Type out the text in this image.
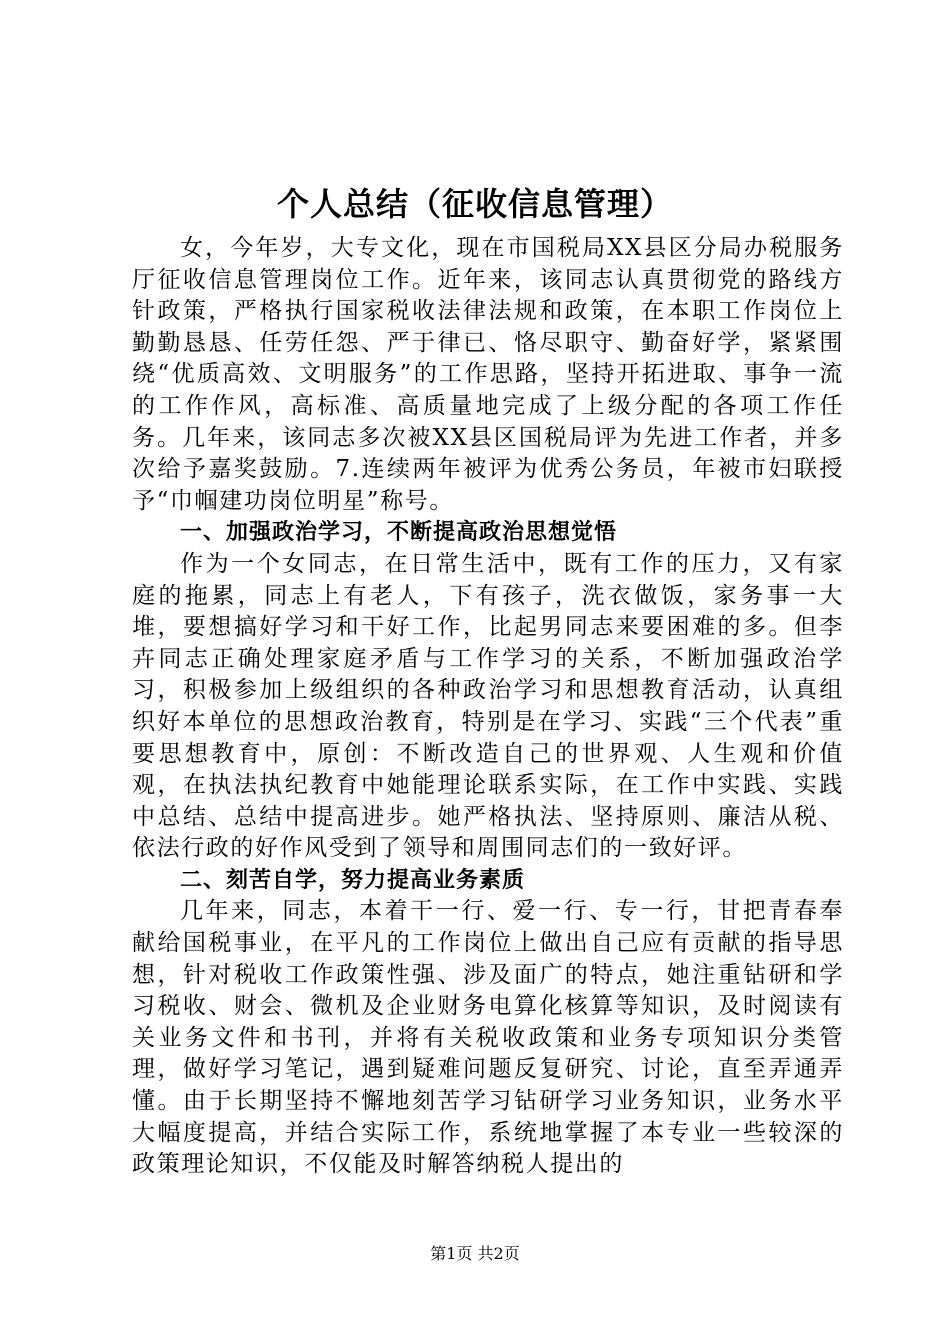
个人总结（征收信息管理）

女，今年岁，大专文化，现在市国税局XX县区分局办税服务厅征收信息管理岗位工作。近年来，该同志认真贯彻党的路线方针政策，严格执行国家税收法律法规和政策，在本职工作岗位上勤勤恳恳、任劳任怨、严于律已、恪尽职守、勤奋好学，紧紧围绕“优质高效、文明服务”的工作思路，坚持开拓进取、事争一流的工作作风，高标准、高质量地完成了上级分配的各项工作任务。几年来，该同志多次被XX县区国税局评为先进工作者，并多次给予嘉奖鼓励。7.连续两年被评为优秀公务员，年被市妇联授予“巾帼建功岗位明星”称号。

一、加强政治学习，不断提高政治思想觉悟

作为一个女同志，在日常生活中，既有工作的压力，又有家庭的拖累，同志上有老人，下有孩子，洗衣做饭，家务事一大堆，要想搞好学习和干好工作，比起男同志来要困难的多。但李卉同志正确处理家庭矛盾与工作学习的关系，不断加强政治学习，积极参加上级组织的各种政治学习和思想教育活动，认真组织好本单位的思想政治教育，特别是在学习、实践“三个代表”重要思想教育中，原创：不断改造自己的世界观、人生观和价值观，在执法执纪教育中她能理论联系实际，在工作中实践、实践中总结、总结中提高进步。她严格执法、坚持原则、廉洁从税、依法行政的好作风受到了领导和周围同志们的一致好评。

二、刻苦自学，努力提高业务素质

几年来，同志，本着干一行、爱一行、专一行，甘把青春奉献给国税事业，在平凡的工作岗位上做出自己应有贡献的指导思想，针对税收工作政策性强、涉及面广的特点，她注重钻研和学习税收、财会、微机及企业财务电算化核算等知识，及时阅读有关业务文件和书刊，并将有关税收政策和业务专项知识分类管理，做好学习笔记，遇到疑难问题反复研究、讨论，直至弄通弄懂。由于长期坚持不懈地刻苦学习钻研学习业务知识，业务水平大幅度提高，并结合实际工作，系统地掌握了本专业一些较深的政策理论知识，不仅能及时解答纳税人提出的

第1页 共2页
